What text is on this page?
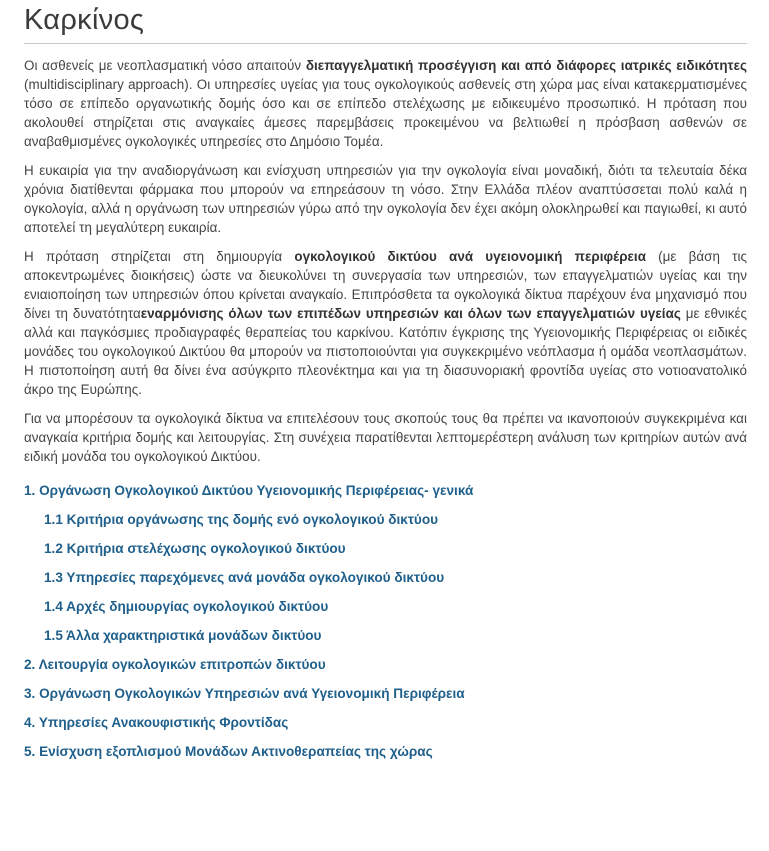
Καρκίνος

Οι ασθενείς με νεοπλασματική νόσο απαιτούν διεπαγγελματική προσέγγιση και από διάφορες ιατρικές ειδικότητες (multidisciplinary approach). Οι υπηρεσίες υγείας για τους ογκολογικούς ασθενείς στη χώρα μας είναι κατακερματισμένες τόσο σε επίπεδο οργανωτικής δομής όσο και σε επίπεδο στελέχωσης με ειδικευμένο προσωπικό. Η πρόταση που ακολουθεί στηρίζεται στις αναγκαίες άμεσες παρεμβάσεις προκειμένου να βελτιωθεί η πρόσβαση ασθενών σε αναβαθμισμένες ογκολογικές υπηρεσίες στο Δημόσιο Τομέα.

Η ευκαιρία για την αναδιοργάνωση και ενίσχυση υπηρεσιών για την ογκολογία είναι μοναδική, διότι τα τελευταία δέκα χρόνια διατίθενται φάρμακα που μπορούν να επηρεάσουν τη νόσο. Στην Ελλάδα πλέον αναπτύσσεται πολύ καλά η ογκολογία, αλλά η οργάνωση των υπηρεσιών γύρω από την ογκολογία δεν έχει ακόμη ολοκληρωθεί και παγιωθεί, κι αυτό αποτελεί τη μεγαλύτερη ευκαιρία.

Η πρόταση στηρίζεται στη δημιουργία ογκολογικού δικτύου ανά υγειονομική περιφέρεια (με βάση τις αποκεντρωμένες διοικήσεις) ώστε να διευκολύνει τη συνεργασία των υπηρεσιών, των επαγγελματιών υγείας και την ενιαιοποίηση των υπηρεσιών όπου κρίνεται αναγκαίο. Επιπρόσθετα τα ογκολογικά δίκτυα παρέχουν ένα μηχανισμό που δίνει τη δυνατότηταεναρμόνισης όλων των επιπέδων υπηρεσιών και όλων των επαγγελματιών υγείας με εθνικές αλλά και παγκόσμιες προδιαγραφές θεραπείας του καρκίνου. Κατόπιν έγκρισης της Υγειονομικής Περιφέρειας οι ειδικές μονάδες του ογκολογικού Δικτύου θα μπορούν να πιστοποιούνται για συγκεκριμένο νεόπλασμα ή ομάδα νεοπλασμάτων. Η πιστοποίηση αυτή θα δίνει ένα ασύγκριτο πλεονέκτημα και για τη διασυνοριακή φροντίδα υγείας στο νοτιοανατολικό άκρο της Ευρώπης.

Για να μπορέσουν τα ογκολογικά δίκτυα να επιτελέσουν τους σκοπούς τους θα πρέπει να ικανοποιούν συγκεκριμένα και αναγκαία κριτήρια δομής και λειτουργίας. Στη συνέχεια παρατίθενται λεπτομερέστερη ανάλυση των κριτηρίων αυτών ανά ειδική μονάδα του ογκολογικού Δικτύου.

1. Οργάνωση Ογκολογικού Δικτύου Υγειονομικής Περιφέρειας- γενικά
1.1 Κριτήρια οργάνωσης της δομής ενό ογκολογικού δικτύου
1.2 Κριτήρια στελέχωσης ογκολογικού δικτύου
1.3 Υπηρεσίες παρεχόμενες ανά μονάδα ογκολογικού δικτύου
1.4 Αρχές δημιουργίας ογκολογικού δικτύου
1.5 Άλλα χαρακτηριστικά μονάδων δικτύου
2. Λειτουργία ογκολογικών επιτροπών δικτύου
3. Οργάνωση Ογκολογικών Υπηρεσιών ανά Υγειονομική Περιφέρεια
4. Υπηρεσίες Ανακουφιστικής Φροντίδας
5. Ενίσχυση εξοπλισμού Μονάδων Ακτινοθεραπείας της χώρας
